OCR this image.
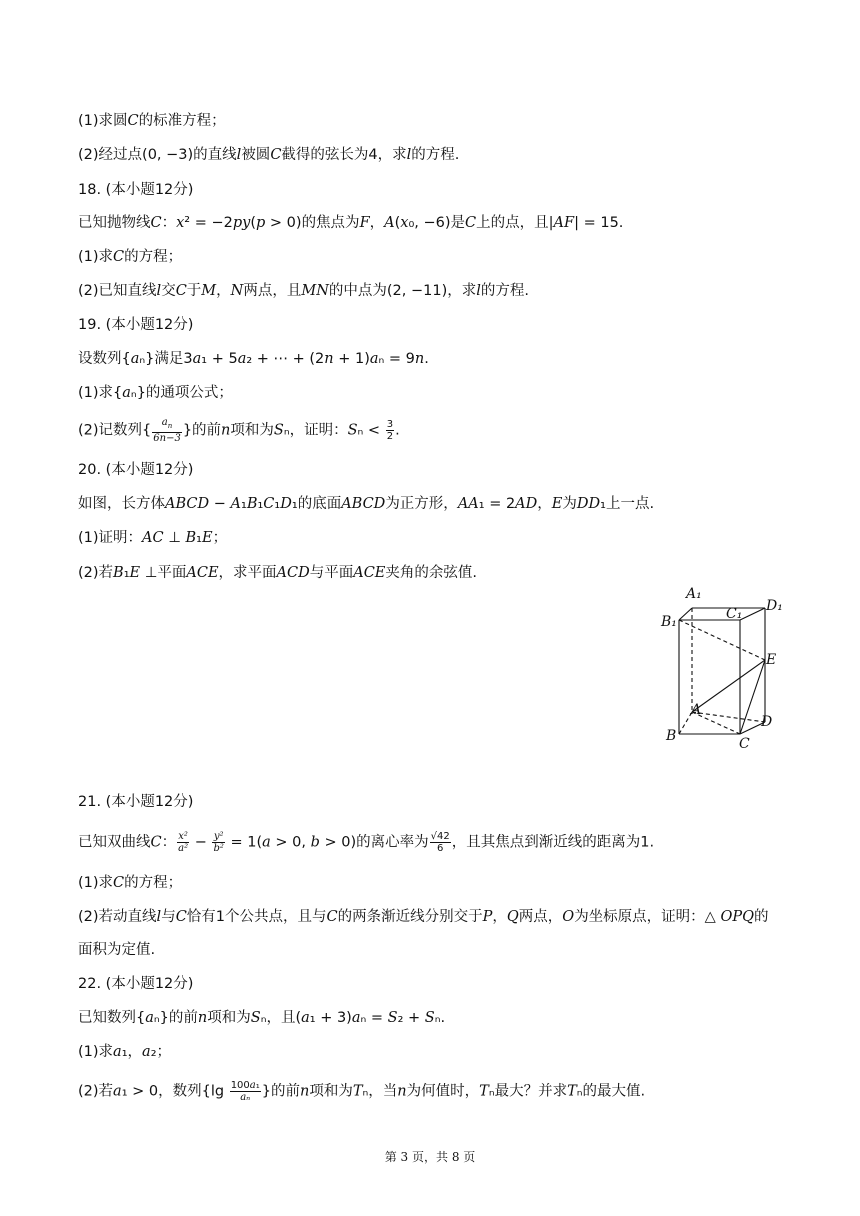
(1)求圆C的标准方程；
(2)经过点(0, −3)的直线l被圆C截得的弦长为4，求l的方程.
18. (本小题12分)
已知抛物线C：x² = −2py(p > 0)的焦点为F，A(x₀, −6)是C上的点，且|AF| = 15.
(1)求C的方程；
(2)已知直线l交C于M，N两点，且MN的中点为(2, −11)，求l的方程.
19. (本小题12分)
设数列{aₙ}满足3a₁ + 5a₂ + ⋯ + (2n + 1)aₙ = 9n.
(1)求{aₙ}的通项公式；
(2)记数列{ $\frac{a_n}{6n-3}$ }的前n项和为Sₙ，证明：$S_n < \frac{3}{2}$ .
20. (本小题12分)
如图，长方体ABCD − A₁B₁C₁D₁的底面ABCD为正方形，AA₁ = 2AD，E为DD₁上一点.
(1)证明：AC ⊥ B₁E；
(2)若B₁E ⊥平面ACE，求平面ACD与平面ACE夹角的余弦值.
A₁
C₁ D₁
B₁
E
A
D
B	C
21. (本小题12分)
已知双曲线C： $\frac{\text{x²}}{\text{a²}} - \frac{\text{y²}}{\text{b²}} = 1(a > 0$, b > 0)的离心率为 $\frac{√42}{6}$ ，且其焦点到渐近线的距离为1.
(1)求C的方程；
(2)若动直线l与C恰有1个公共点，且与C的两条渐近线分别交于P，Q两点，O为坐标原点，证明：△ OPQ的
面积为定值.
22. (本小题12分)
已知数列{aₙ}的前n项和为Sₙ，且(a₁ + 3)aₙ = S₂ + Sₙ.
(1)求a₁，a₂；
(2)若a₁ > 0，数列{$\lg \frac{\text{100a₁}}{\text{aₙ}}$ }的前n项和为Tₙ，当n为何值时，Tₙ最大？并求Tₙ的最大值.
第 3 页，共 8 页
